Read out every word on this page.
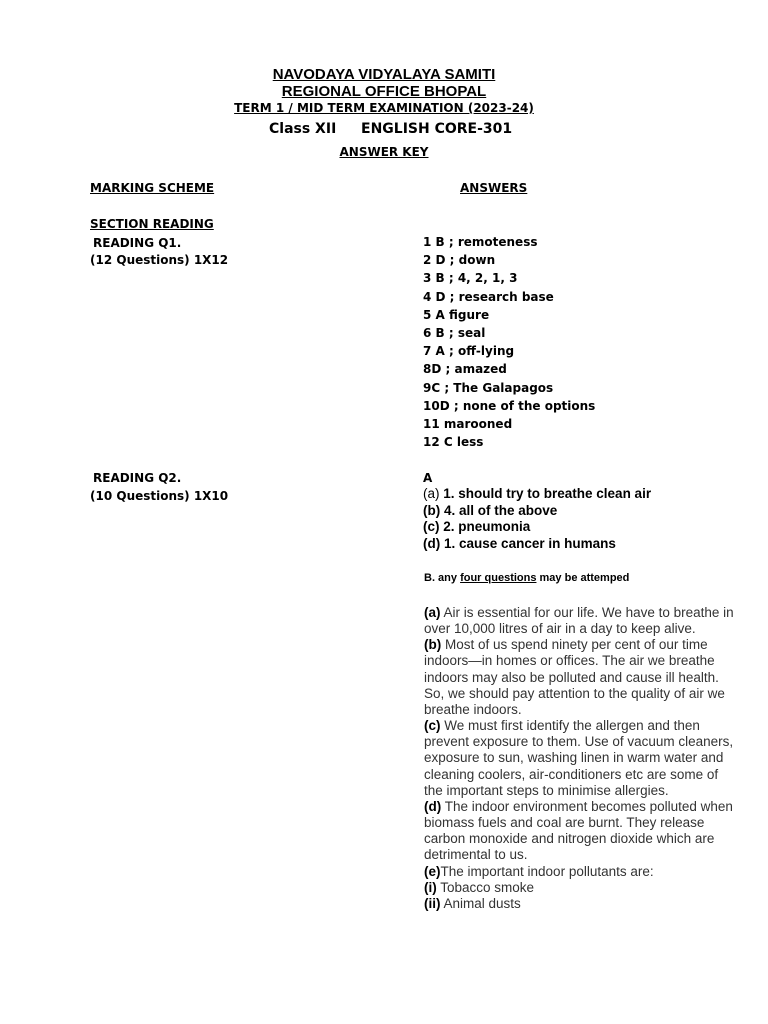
NAVODAYA VIDYALAYA SAMITI
REGIONAL OFFICE BHOPAL
TERM 1 / MID TERM EXAMINATION (2023-24)
Class XII ENGLISH CORE-301
ANSWER KEY
MARKING SCHEME	ANSWERS
SECTION READING
READING Q1.
(12 Questions) 1X12
1 B ; remoteness
2 D ; down
3 B ; 4, 2, 1, 3
4 D ; research base
5 A figure
6 B ; seal
7 A ; off-lying
8D ; amazed
9C ; The Galapagos
10D ; none of the options
11 marooned
12 C less
READING Q2.
(10 Questions) 1X10
A
(a) 1. should try to breathe clean air
(b) 4. all of the above
(c) 2. pneumonia
(d) 1. cause cancer in humans
B. any four questions may be attemped
(a) Air is essential for our life. We have to breathe in
over 10,000 litres of air in a day to keep alive.
(b) Most of us spend ninety per cent of our time
indoors—in homes or offices. The air we breathe
indoors may also be polluted and cause ill health.
So, we should pay attention to the quality of air we
breathe indoors.
(c) We must first identify the allergen and then
prevent exposure to them. Use of vacuum cleaners,
exposure to sun, washing linen in warm water and
cleaning coolers, air-conditioners etc are some of
the important steps to minimise allergies.
(d) The indoor environment becomes polluted when
biomass fuels and coal are burnt. They release
carbon monoxide and nitrogen dioxide which are
detrimental to us.
(e)The important indoor pollutants are:
(i) Tobacco smoke
(ii) Animal dusts
